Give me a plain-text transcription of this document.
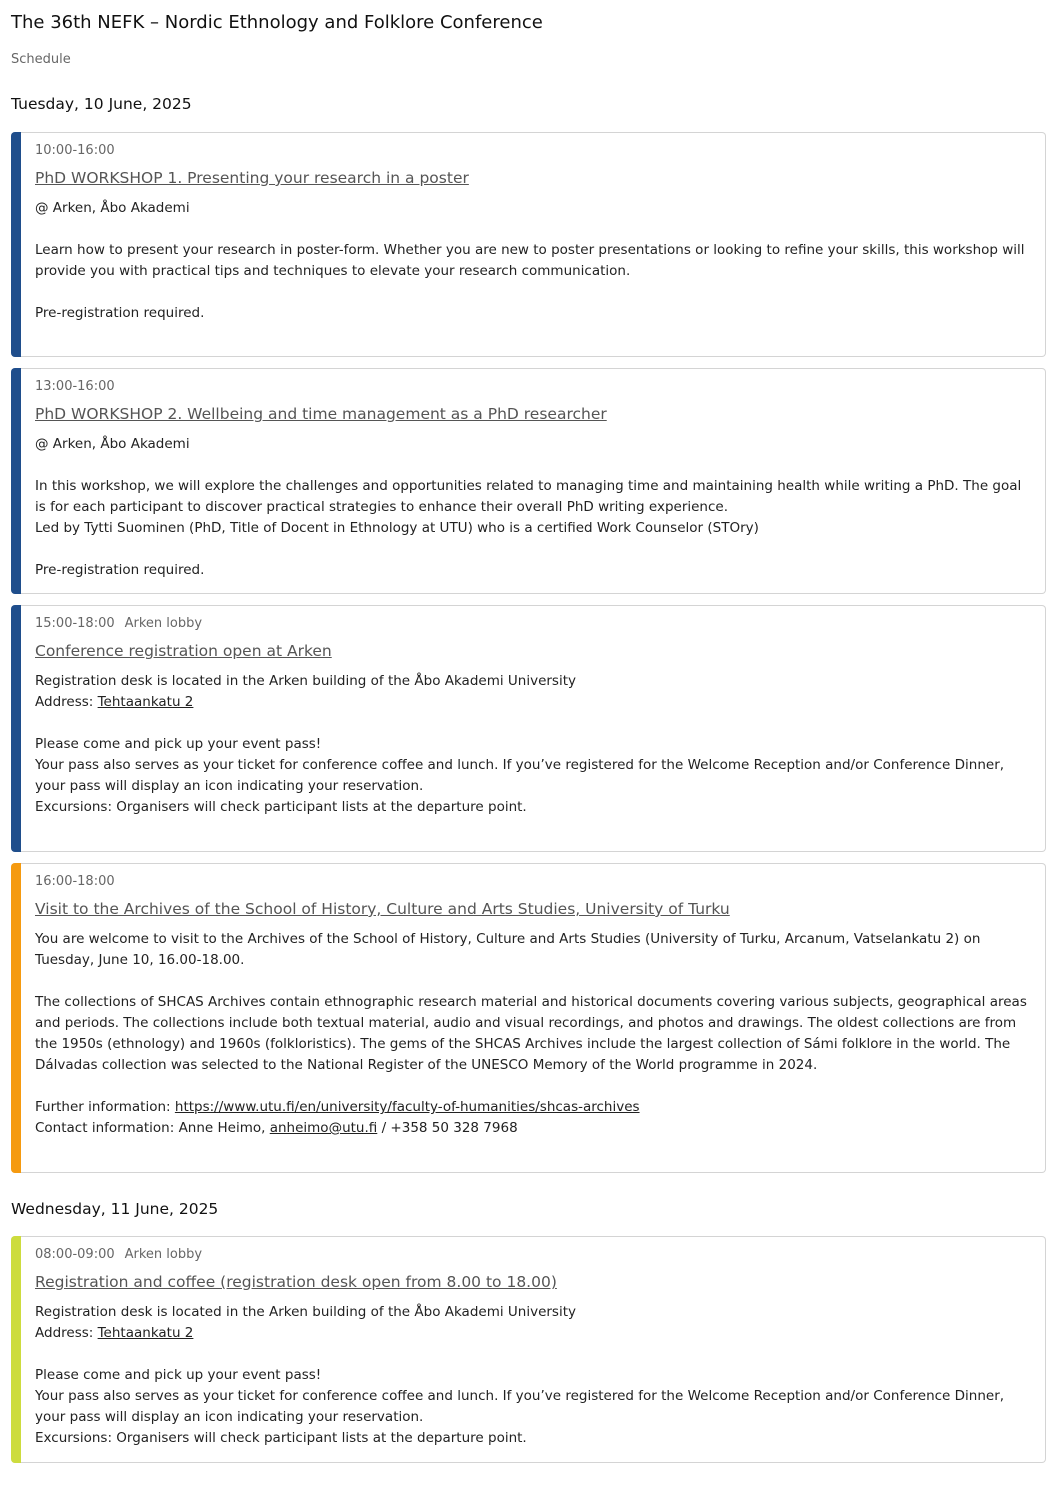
The 36th NEFK – Nordic Ethnology and Folklore Conference
Schedule
Tuesday, 10 June, 2025
10:00-16:00
PhD WORKSHOP 1. Presenting your research in a poster

@ Arken, Åbo Akademi

Learn how to present your research in poster-form. Whether you are new to poster presentations or looking to refine your skills, this workshop will provide you with practical tips and techniques to elevate your research communication.

Pre-registration required.

13:00-16:00
PhD WORKSHOP 2. Wellbeing and time management as a PhD researcher

@ Arken, Åbo Akademi

In this workshop, we will explore the challenges and opportunities related to managing time and maintaining health while writing a PhD. The goal is for each participant to discover practical strategies to enhance their overall PhD writing experience.

Led by Tytti Suominen (PhD, Title of Docent in Ethnology at UTU) who is a certified Work Counselor (STOry)

Pre-registration required.

15:00-18:00 Arken lobby
Conference registration open at Arken

Registration desk is located in the Arken building of the Åbo Akademi University

Address: Tehtaankatu 2

Please come and pick up your event pass!

Your pass also serves as your ticket for conference coffee and lunch. If you’ve registered for the Welcome Reception and/or Conference Dinner, your pass will display an icon indicating your reservation.

Excursions: Organisers will check participant lists at the departure point.

16:00-18:00
Visit to the Archives of the School of History, Culture and Arts Studies, University of Turku

You are welcome to visit to the Archives of the School of History, Culture and Arts Studies (University of Turku, Arcanum, Vatselankatu 2) on Tuesday, June 10, 16.00-18.00.

The collections of SHCAS Archives contain ethnographic research material and historical documents covering various subjects, geographical areas and periods. The collections include both textual material, audio and visual recordings, and photos and drawings. The oldest collections are from the 1950s (ethnology) and 1960s (folkloristics). The gems of the SHCAS Archives include the largest collection of Sámi folklore in the world. The Dálvadas collection was selected to the National Register of the UNESCO Memory of the World programme in 2024.

Further information: https://www.utu.fi/en/university/faculty-of-humanities/shcas-archives

Contact information: Anne Heimo, anheimo@utu.fi / +358 50 328 7968

Wednesday, 11 June, 2025
08:00-09:00 Arken lobby
Registration and coffee (registration desk open from 8.00 to 18.00)

Registration desk is located in the Arken building of the Åbo Akademi University

Address: Tehtaankatu 2

Please come and pick up your event pass!

Your pass also serves as your ticket for conference coffee and lunch. If you’ve registered for the Welcome Reception and/or Conference Dinner, your pass will display an icon indicating your reservation.

Excursions: Organisers will check participant lists at the departure point.
